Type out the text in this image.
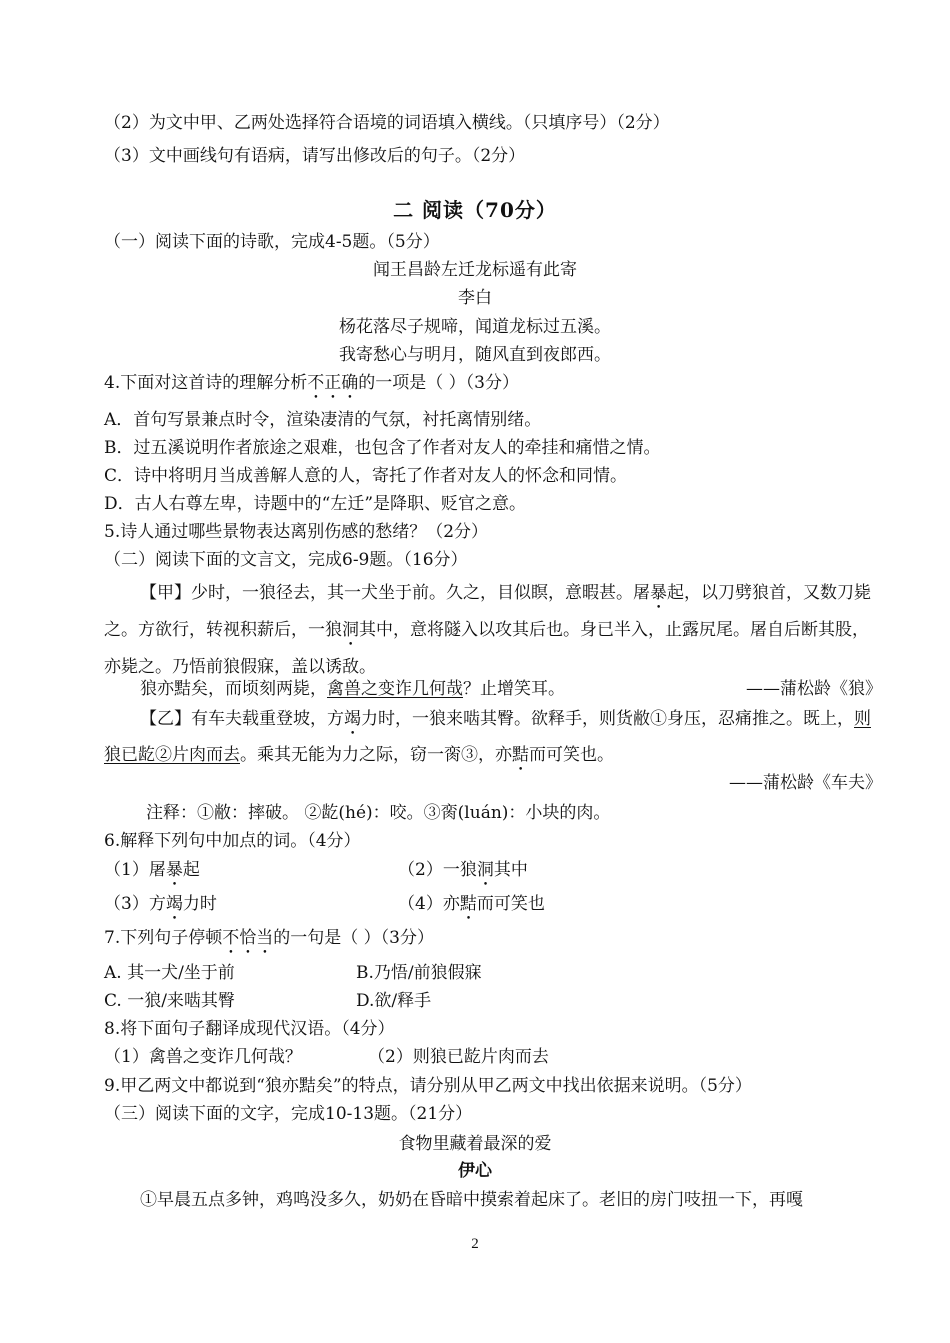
（2）为文中甲、乙两处选择符合语境的词语填入横线。（只填序号）（2分）
（3）文中画线句有语病，请写出修改后的句子。（2分）
二 阅读（70分）
（一）阅读下面的诗歌，完成4-5题。（5分）
闻王昌龄左迁龙标遥有此寄
李白
杨花落尽子规啼，闻道龙标过五溪。
我寄愁心与明月，随风直到夜郎西。
4.下面对这首诗的理解分析不正确的一项是（ ）（3分）
A．首句写景兼点时令，渲染凄清的气氛，衬托离情别绪。
B．过五溪说明作者旅途之艰难，也包含了作者对友人的牵挂和痛惜之情。
C．诗中将明月当成善解人意的人，寄托了作者对友人的怀念和同情。
D．古人右尊左卑，诗题中的“左迁”是降职、贬官之意。
5.诗人通过哪些景物表达离别伤感的愁绪？（2分）
（二）阅读下面的文言文，完成6-9题。（16分）
【甲】少时，一狼径去，其一犬坐于前。久之，目似瞑，意暇甚。屠暴起，以刀劈狼首，又数刀毙之。方欲行，转视积薪后，一狼洞其中，意将隧入以攻其后也。身已半入，止露尻尾。屠自后断其股，亦毙之。乃悟前狼假寐，盖以诱敌。
狼亦黠矣，而顷刻两毙，禽兽之变诈几何哉？止增笑耳。	——蒲松龄《狼》
【乙】有车夫载重登坡，方竭力时，一狼来啮其臀。欲释手，则货敝①身压，忍痛推之。既上，则狼已龁②片肉而去。乘其无能为力之际，窃一脔③，亦黠而可笑也。
——蒲松龄《车夫》
注释：①敝：摔破。 ②龁(hé)：咬。③脔(luán)：小块的肉。
6.解释下列句中加点的词。（4分）
（1）屠暴起	（2）一狼洞其中
（3）方竭力时	（4）亦黠而可笑也
7.下列句子停顿不恰当的一句是（ ）（3分）
A. 其一犬/坐于前	B.乃悟/前狼假寐
C. 一狼/来啮其臀	D.欲/释手
8.将下面句子翻译成现代汉语。（4分）
（1）禽兽之变诈几何哉？	（2）则狼已龁片肉而去
9.甲乙两文中都说到“狼亦黠矣”的特点，请分别从甲乙两文中找出依据来说明。（5分）
（三）阅读下面的文字，完成10-13题。（21分）
食物里藏着最深的爱
伊心
①早晨五点多钟，鸡鸣没多久，奶奶在昏暗中摸索着起床了。老旧的房门吱扭一下，再嘎
2
